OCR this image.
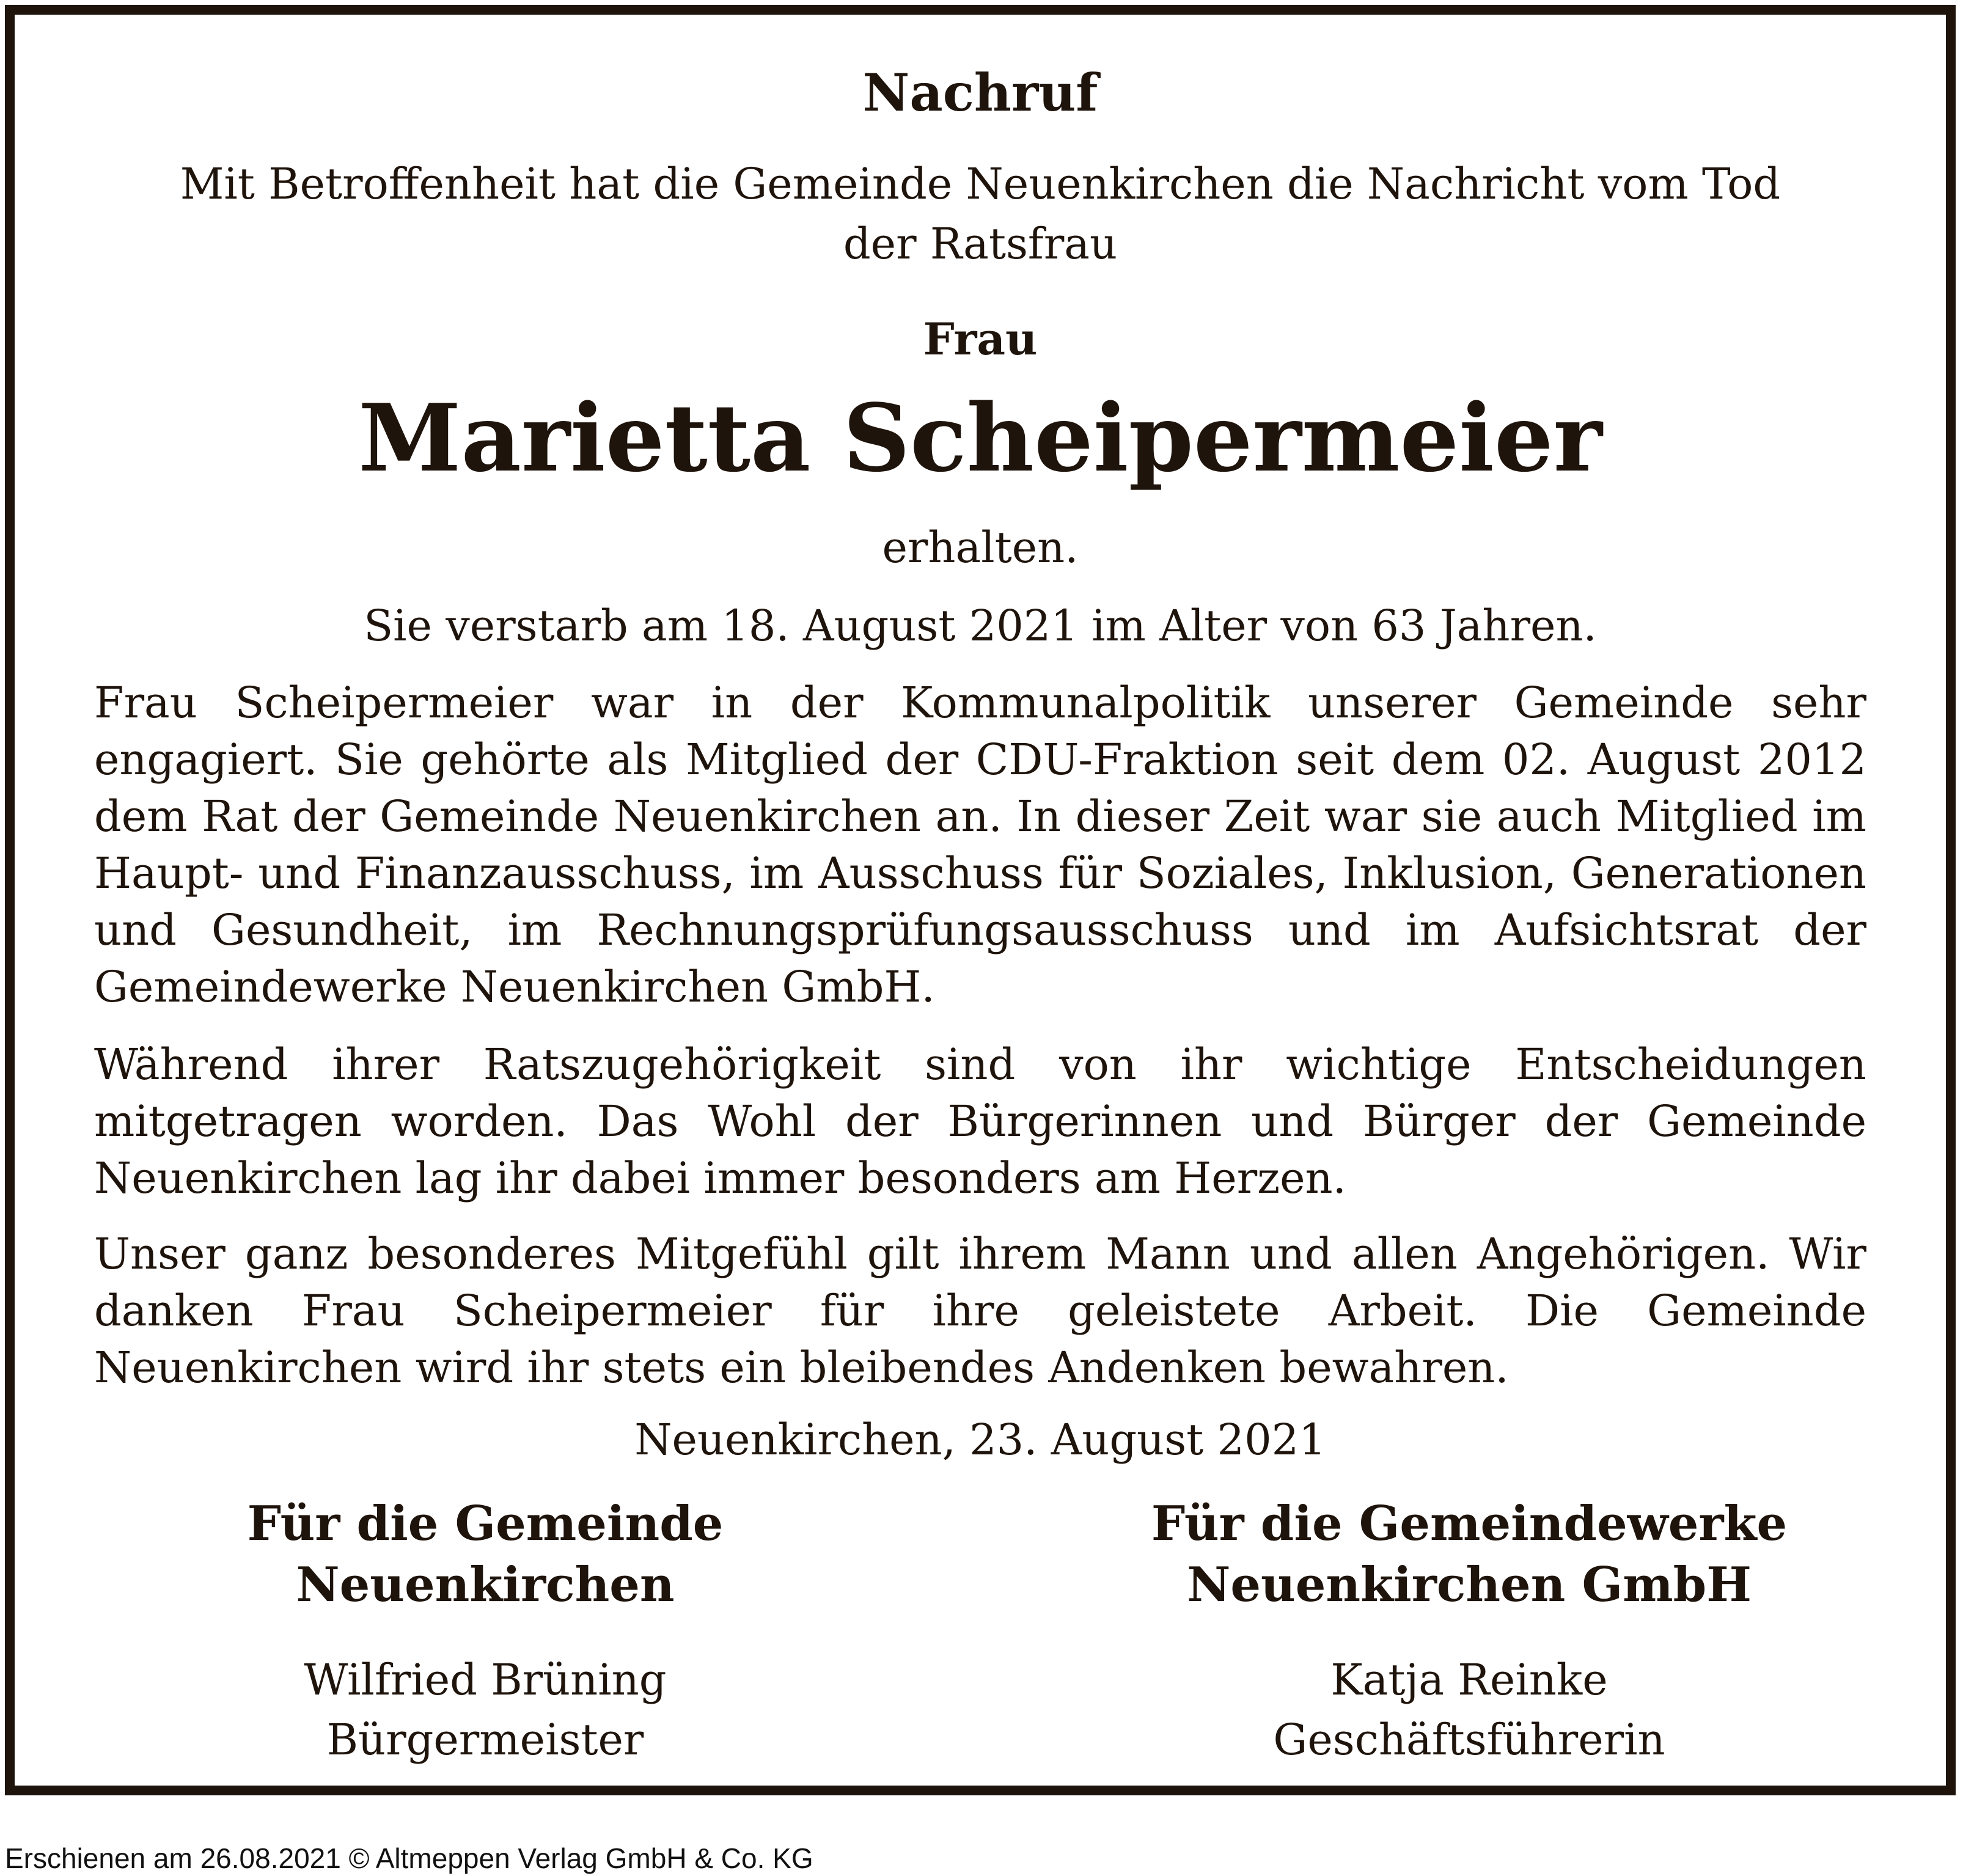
Nachruf
Mit Betroffenheit hat die Gemeinde Neuenkirchen die Nachricht vom Tod
der Ratsfrau
Frau
Marietta Scheipermeier
erhalten.
Sie verstarb am 18. August 2021 im Alter von 63 Jahren.
Frau Scheipermeier war in der Kommunalpolitik unserer Gemeinde sehr engagiert. Sie gehörte als Mitglied der CDU-Fraktion seit dem 02. August 2012 dem Rat der Gemeinde Neuenkirchen an. In dieser Zeit war sie auch Mitglied im Haupt- und Finanzausschuss, im Ausschuss für Soziales, Inklusion, Generationen und Gesundheit, im Rechnungsprüfungsausschuss und im Aufsichtsrat der Gemeindewerke Neuenkirchen GmbH.
Während ihrer Ratszugehörigkeit sind von ihr wichtige Entscheidungen mitgetragen worden. Das Wohl der Bürgerinnen und Bürger der Gemeinde Neuenkirchen lag ihr dabei immer besonders am Herzen.
Unser ganz besonderes Mitgefühl gilt ihrem Mann und allen Angehörigen. Wir danken Frau Scheipermeier für ihre geleistete Arbeit. Die Gemeinde Neuenkirchen wird ihr stets ein bleibendes Andenken bewahren.
Neuenkirchen, 23. August 2021
Für die Gemeinde
Neuenkirchen
Wilfried Brüning
Bürgermeister
Für die Gemeindewerke
Neuenkirchen GmbH
Katja Reinke
Geschäftsführerin
Erschienen am 26.08.2021 © Altmeppen Verlag GmbH & Co. KG
